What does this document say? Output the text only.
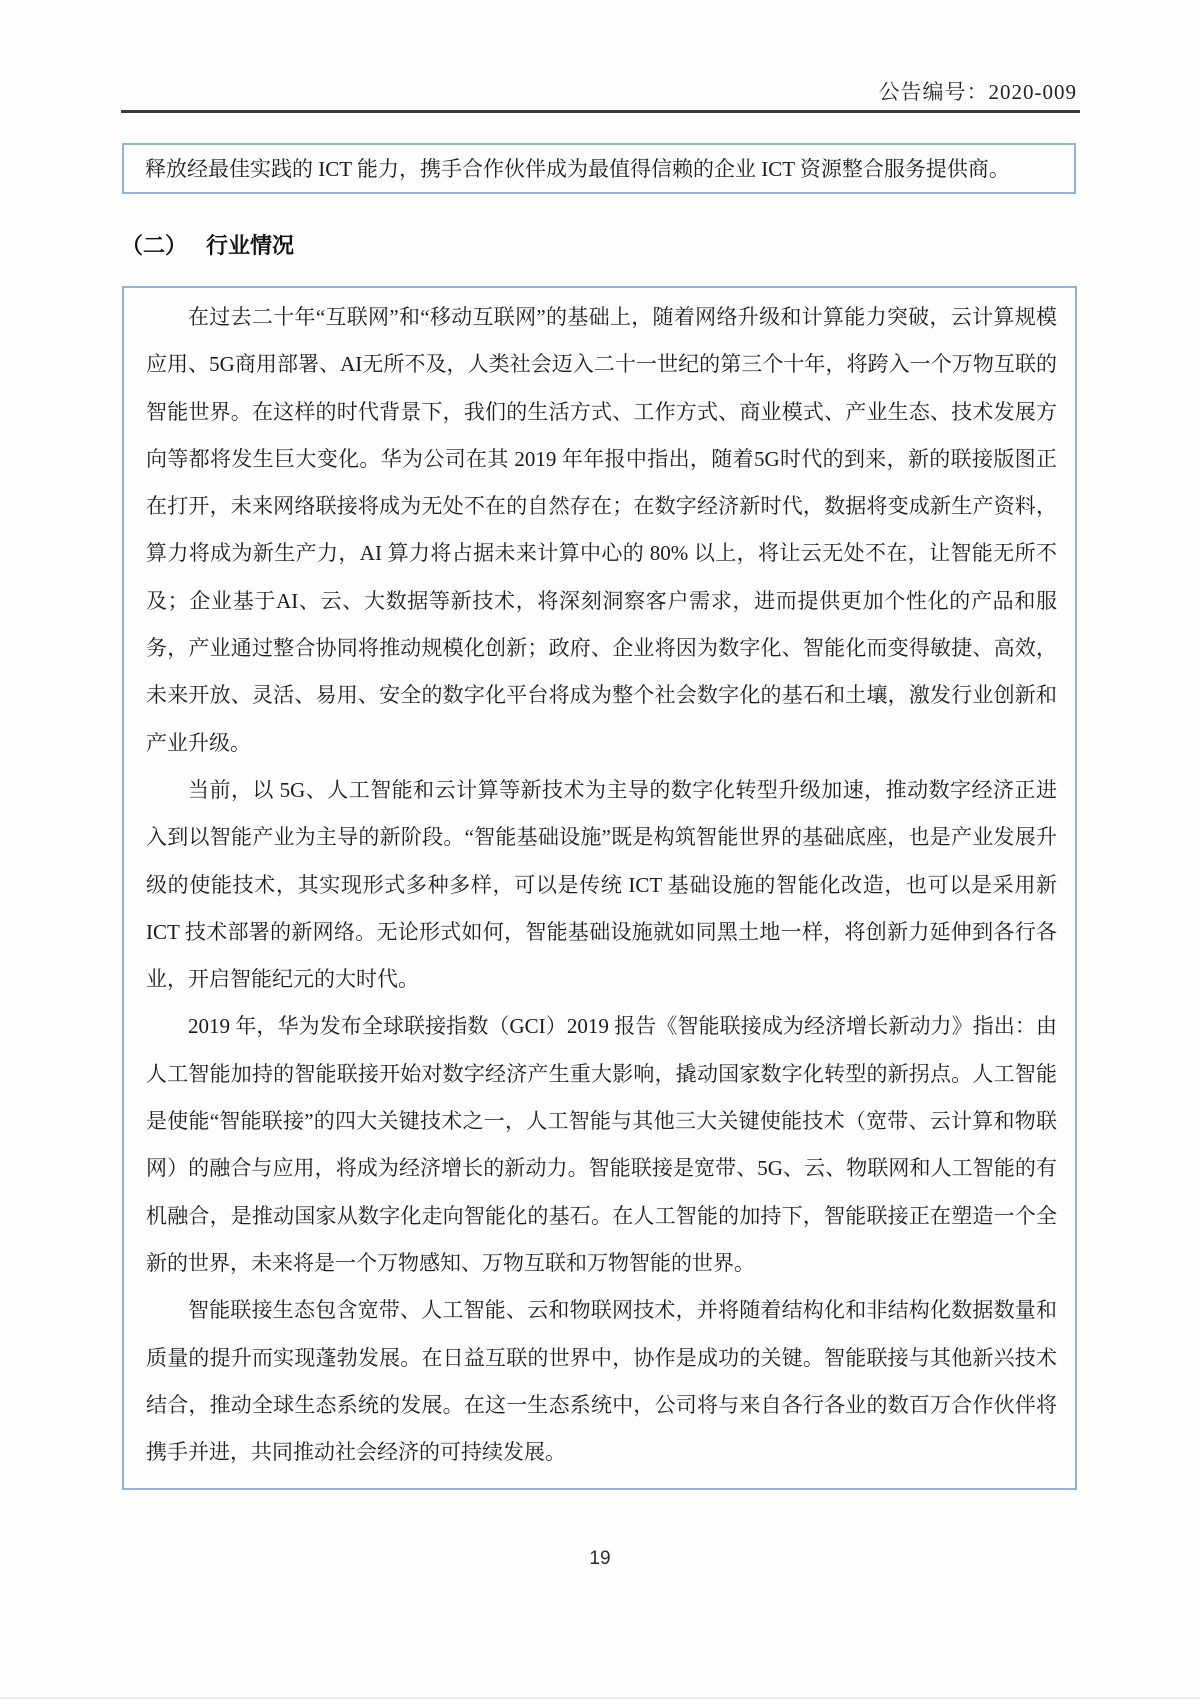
公告编号：2020-009
释放经最佳实践的 ICT 能力，携手合作伙伴成为最值得信赖的企业 ICT 资源整合服务提供商。
（二） 行业情况

在过去二十年“互联网”和“移动互联网”的基础上，随着网络升级和计算能力突破，云计算规模应用、5G商用部署、AI无所不及，人类社会迈入二十一世纪的第三个十年，将跨入一个万物互联的智能世界。在这样的时代背景下，我们的生活方式、工作方式、商业模式、产业生态、技术发展方向等都将发生巨大变化。华为公司在其 2019 年年报中指出，随着5G时代的到来，新的联接版图正在打开，未来网络联接将成为无处不在的自然存在；在数字经济新时代，数据将变成新生产资料，算力将成为新生产力，AI 算力将占据未来计算中心的 80% 以上，将让云无处不在，让智能无所不及；企业基于AI、云、大数据等新技术，将深刻洞察客户需求，进而提供更加个性化的产品和服务，产业通过整合协同将推动规模化创新；政府、企业将因为数字化、智能化而变得敏捷、高效，未来开放、灵活、易用、安全的数字化平台将成为整个社会数字化的基石和土壤，激发行业创新和产业升级。

当前，以 5G、人工智能和云计算等新技术为主导的数字化转型升级加速，推动数字经济正进入到以智能产业为主导的新阶段。“智能基础设施”既是构筑智能世界的基础底座，也是产业发展升级的使能技术，其实现形式多种多样，可以是传统 ICT 基础设施的智能化改造，也可以是采用新 ICT 技术部署的新网络。无论形式如何，智能基础设施就如同黑土地一样，将创新力延伸到各行各业，开启智能纪元的大时代。

2019 年，华为发布全球联接指数（GCI）2019 报告《智能联接成为经济增长新动力》指出：由人工智能加持的智能联接开始对数字经济产生重大影响，撬动国家数字化转型的新拐点。人工智能是使能“智能联接”的四大关键技术之一，人工智能与其他三大关键使能技术（宽带、云计算和物联网）的融合与应用，将成为经济增长的新动力。智能联接是宽带、5G、云、物联网和人工智能的有机融合，是推动国家从数字化走向智能化的基石。在人工智能的加持下，智能联接正在塑造一个全新的世界，未来将是一个万物感知、万物互联和万物智能的世界。

智能联接生态包含宽带、人工智能、云和物联网技术，并将随着结构化和非结构化数据数量和质量的提升而实现蓬勃发展。在日益互联的世界中，协作是成功的关键。智能联接与其他新兴技术结合，推动全球生态系统的发展。在这一生态系统中，公司将与来自各行各业的数百万合作伙伴将携手并进，共同推动社会经济的可持续发展。

19
